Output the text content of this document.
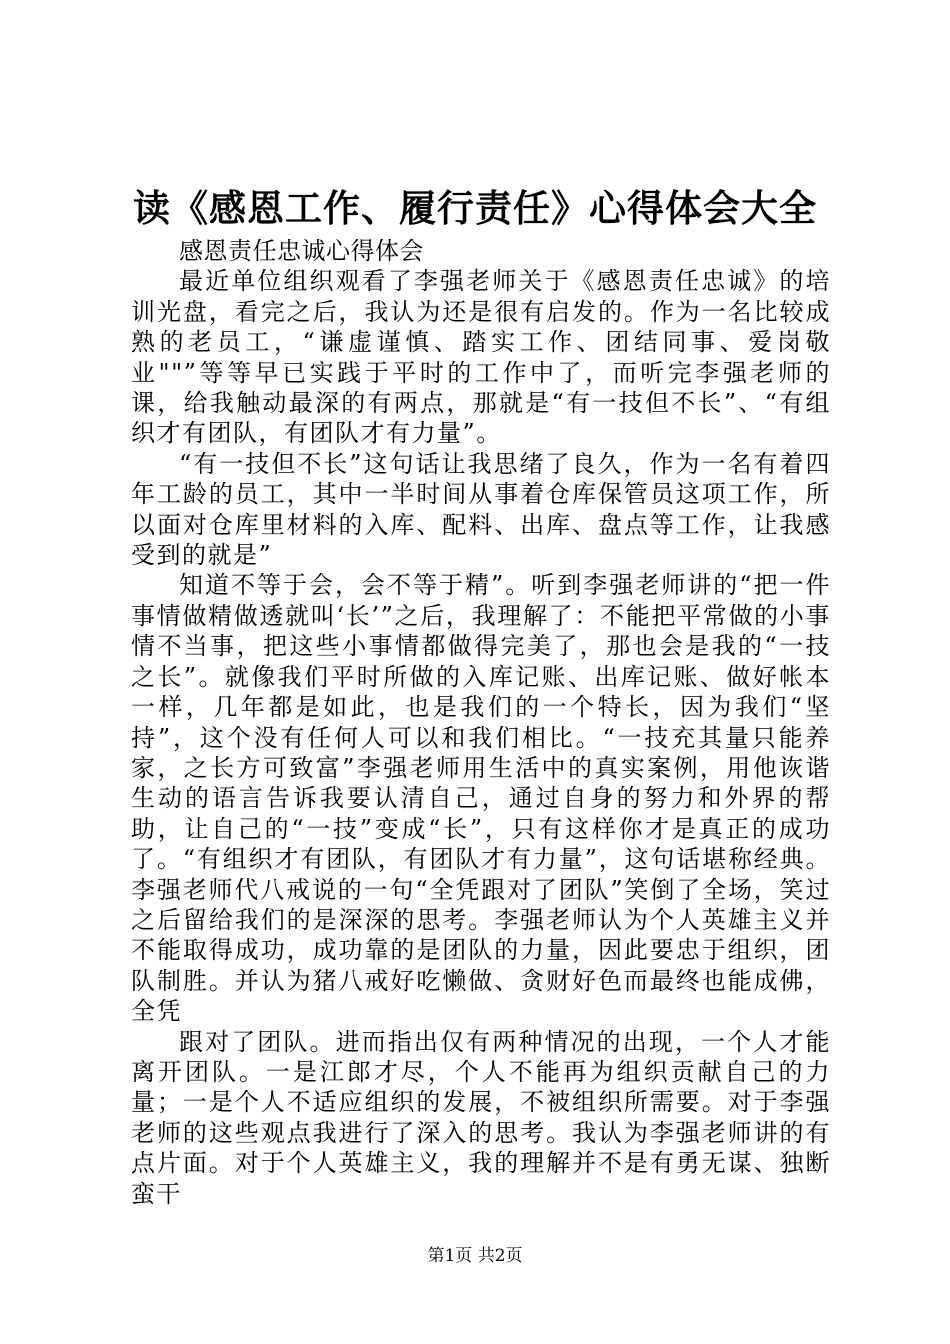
读《感恩工作、履行责任》心得体会大全

感恩责任忠诚心得体会

最近单位组织观看了李强老师关于《感恩责任忠诚》的培训光盘，看完之后，我认为还是很有启发的。作为一名比较成熟的老员工，“谦虚谨慎、踏实工作、团结同事、爱岗敬业""”等等早已实践于平时的工作中了，而听完李强老师的课，给我触动最深的有两点，那就是“有一技但不长”、“有组织才有团队，有团队才有力量”。

“有一技但不长”这句话让我思绪了良久，作为一名有着四年工龄的员工，其中一半时间从事着仓库保管员这项工作，所以面对仓库里材料的入库、配料、出库、盘点等工作，让我感受到的就是”

知道不等于会，会不等于精”。听到李强老师讲的“把一件事情做精做透就叫‘长’”之后，我理解了：不能把平常做的小事情不当事，把这些小事情都做得完美了，那也会是我的“一技之长”。就像我们平时所做的入库记账、出库记账、做好帐本一样，几年都是如此，也是我们的一个特长，因为我们“坚持”，这个没有任何人可以和我们相比。“一技充其量只能养家，之长方可致富”李强老师用生活中的真实案例，用他诙谐生动的语言告诉我要认清自己，通过自身的努力和外界的帮助，让自己的“一技”变成“长”，只有这样你才是真正的成功了。“有组织才有团队，有团队才有力量”，这句话堪称经典。李强老师代八戒说的一句“全凭跟对了团队”笑倒了全场，笑过之后留给我们的是深深的思考。李强老师认为个人英雄主义并不能取得成功，成功靠的是团队的力量，因此要忠于组织，团队制胜。并认为猪八戒好吃懒做、贪财好色而最终也能成佛，全凭

跟对了团队。进而指出仅有两种情况的出现，一个人才能离开团队。一是江郎才尽，个人不能再为组织贡献自己的力量；一是个人不适应组织的发展，不被组织所需要。对于李强老师的这些观点我进行了深入的思考。我认为李强老师讲的有点片面。对于个人英雄主义，我的理解并不是有勇无谋、独断蛮干

第1页 共2页
